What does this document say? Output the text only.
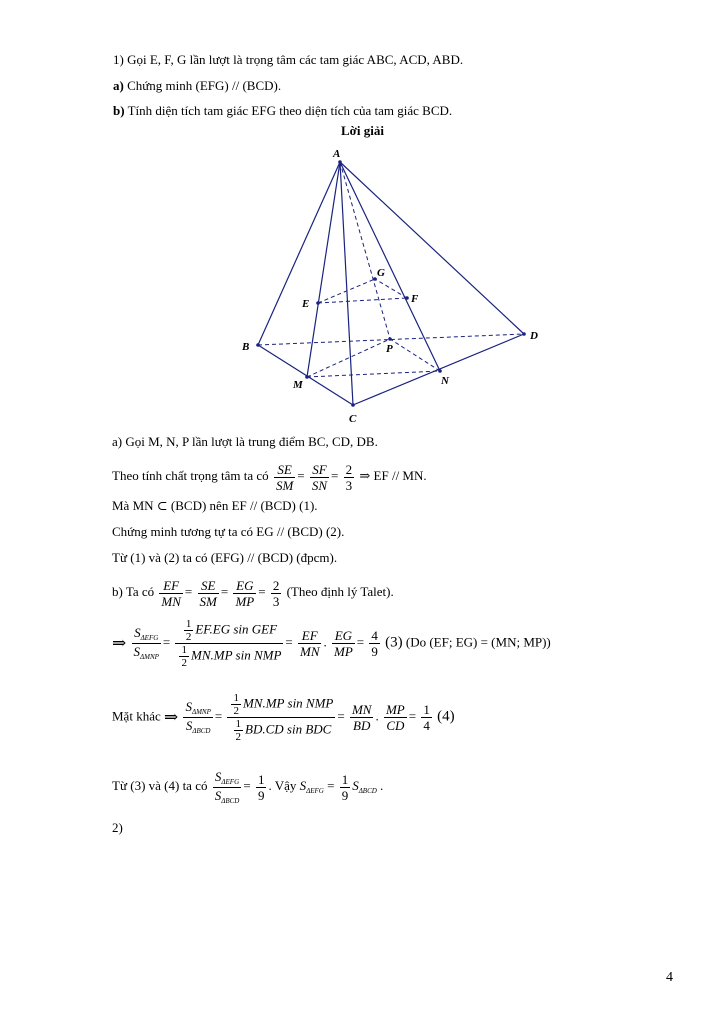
1) Gọi E, F, G lần lượt là trọng tâm các tam giác ABC, ACD, ABD.
a) Chứng minh (EFG) // (BCD).
b) Tính diện tích tam giác EFG theo diện tích của tam giác BCD.
Lời giải
A
B
C
D
E	F
G
M	N
P
a) Gọi M, N, P lần lượt là trung điểm BC, CD, DB.
Theo tính chất trọng tâm ta có $\frac{SE}{SM} = \frac{SF}{SN} = \frac{2}{3}$ ⇒ EF // MN.
Mà MN ⊂ (BCD) nên EF // (BCD) (1).
Chứng minh tương tự ta có EG // (BCD) (2).
Từ (1) và (2) ta có (EFG) // (BCD) (đpcm).
b) Ta có $\frac{EF}{MN} = \frac{SE}{SM} = \frac{EG}{MP} = \frac{2}{3}$ (Theo định lý Talet).
⇒ $\frac{S_{\Delta EFG}}{S_{\Delta MNP}} = \frac{\frac{1}{2} EF.EG \sin GEF}{\frac{1}{2} MN.MP \sin NMP} = \frac{EF}{MN}$ . $\frac{EG}{MP} = \frac{4}{9} (3)$ (Do (EF; EG) = (MN; MP))
Mặt khác ⇒ $\frac{S_{\Delta MNP}}{S_{\Delta BCD}} = \frac{\frac{1}{2} MN.MP \sin NMP}{\frac{1}{2} BD.CD \sin BDC} = \frac{MN}{BD}$ . $\frac{MP}{CD} = \frac{1}{4} (4)$
Từ (3) và (4) ta có $\frac{S_{\Delta EFG}}{S_{\Delta BCD}} = \frac{1}{9}$ . Vậy $S_{\Delta EFG} = \frac{1}{9} S_{\Delta BCD}$ .
2)
4
